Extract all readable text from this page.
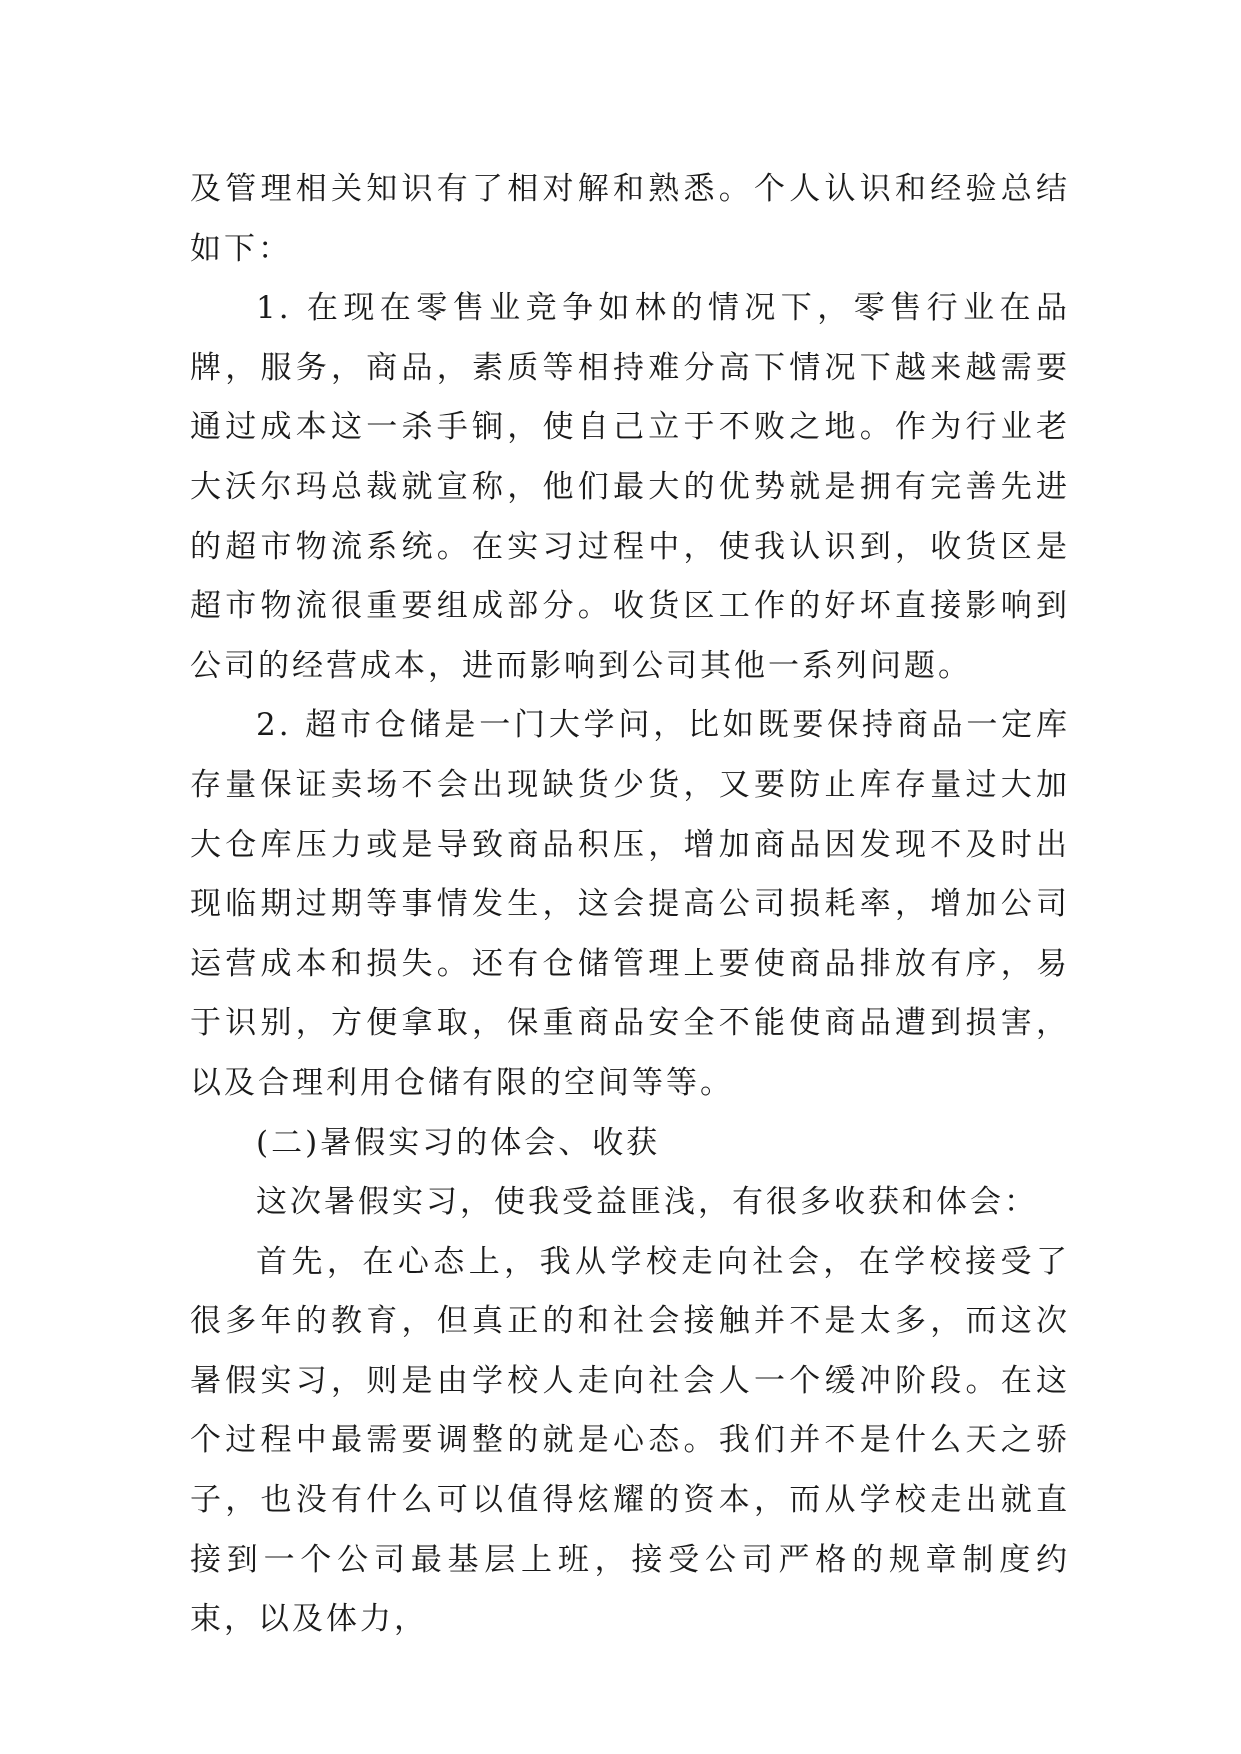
及管理相关知识有了相对解和熟悉。个人认识和经验总结如下：

1. 在现在零售业竞争如林的情况下，零售行业在品牌，服务，商品，素质等相持难分高下情况下越来越需要通过成本这一杀手锏，使自己立于不败之地。作为行业老大沃尔玛总裁就宣称，他们最大的优势就是拥有完善先进的超市物流系统。在实习过程中，使我认识到，收货区是超市物流很重要组成部分。收货区工作的好坏直接影响到公司的经营成本，进而影响到公司其他一系列问题。

2. 超市仓储是一门大学问，比如既要保持商品一定库存量保证卖场不会出现缺货少货，又要防止库存量过大加大仓库压力或是导致商品积压，增加商品因发现不及时出现临期过期等事情发生，这会提高公司损耗率，增加公司运营成本和损失。还有仓储管理上要使商品排放有序，易于识别，方便拿取，保重商品安全不能使商品遭到损害，以及合理利用仓储有限的空间等等。

(二)暑假实习的体会、收获

这次暑假实习，使我受益匪浅，有很多收获和体会：

首先，在心态上，我从学校走向社会，在学校接受了很多年的教育，但真正的和社会接触并不是太多，而这次暑假实习，则是由学校人走向社会人一个缓冲阶段。在这个过程中最需要调整的就是心态。我们并不是什么天之骄子，也没有什么可以值得炫耀的资本，而从学校走出就直接到一个公司最基层上班，接受公司严格的规章制度约束，以及体力，
